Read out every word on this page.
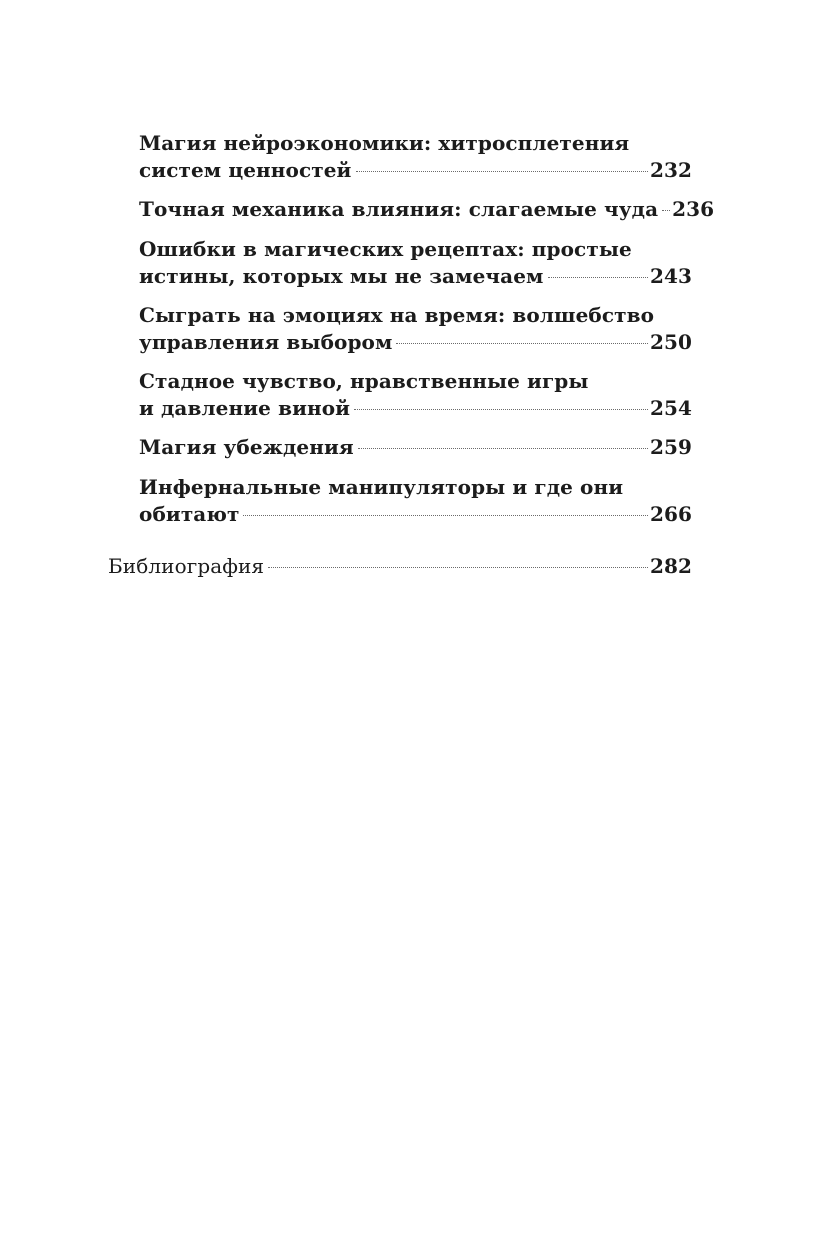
Магия нейроэкономики: хитросплетения
систем ценностей	232
Точная механика влияния: слагаемые чуда 236
Ошибки в магических рецептах: простые
истины, которых мы не замечаем	243
Сыграть на эмоциях на время: волшебство
управления выбором	250
Стадное чувство, нравственные игры
и давление виной	254
Магия убеждения	259
Инфернальные манипуляторы и где они
обитают	266
Библиография	282
